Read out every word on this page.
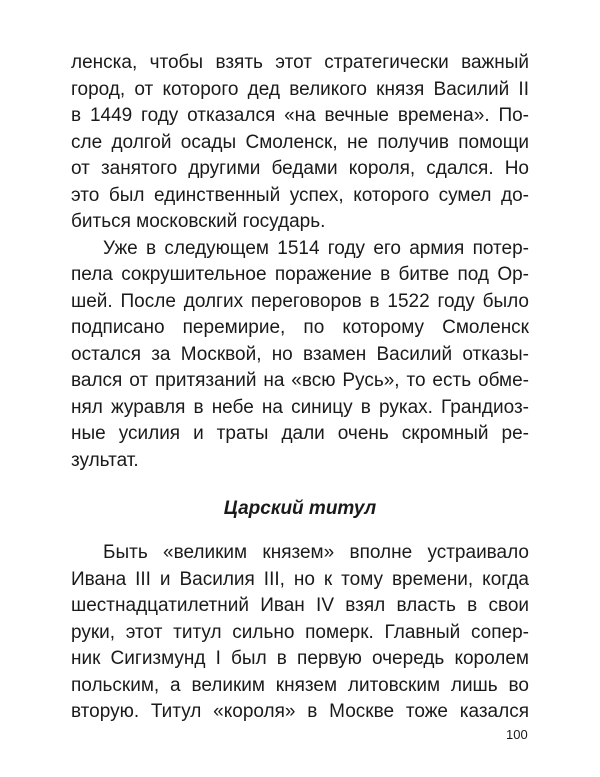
ленска, чтобы взять этот стратегически важный
город, от которого дед великого князя Василий II
в 1449 году отказался «на вечные времена». По-
сле долгой осады Смоленск, не получив помощи
от занятого другими бедами короля, сдался. Но
это был единственный успех, которого сумел до-
биться московский государь.
Уже в следующем 1514 году его армия потер-
пела сокрушительное поражение в битве под Ор-
шей. После долгих переговоров в 1522 году было
подписано перемирие, по которому Смоленск
остался за Москвой, но взамен Василий отказы-
вался от притязаний на «всю Русь», то есть обме-
нял журавля в небе на синицу в руках. Грандиоз-
ные усилия и траты дали очень скромный ре-
зультат.
Царский титул
Быть «великим князем» вполне устраивало
Ивана III и Василия III, но к тому времени, когда
шестнадцатилетний Иван IV взял власть в свои
руки, этот титул сильно померк. Главный сопер-
ник Сигизмунд I был в первую очередь королем
польским, а великим князем литовским лишь во
вторую. Титул «короля» в Москве тоже казался
100
